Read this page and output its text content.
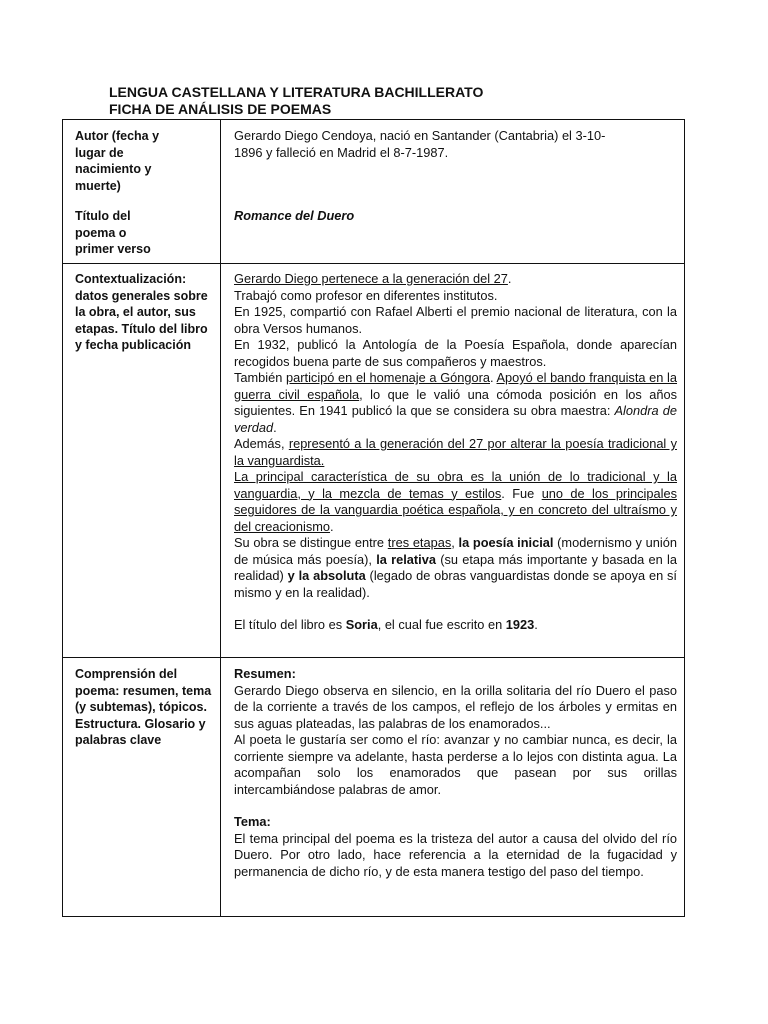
LENGUA CASTELLANA Y LITERATURA BACHILLERATO
FICHA DE ANÁLISIS DE POEMAS
Autor (fecha y lugar de nacimiento y muerte)
Título del poema o primer verso
Gerardo Diego Cendoya, nació en Santander (Cantabria) el 3-10-1896 y falleció en Madrid el 8-7-1987.
Romance del Duero
Contextualización: datos generales sobre la obra, el autor, sus etapas. Título del libro y fecha publicación

Gerardo Diego pertenece a la generación del 27.

Trabajó como profesor en diferentes institutos.

En 1925, compartió con Rafael Alberti el premio nacional de literatura, con la obra Versos humanos.

En 1932, publicó la Antología de la Poesía Española, donde aparecían recogidos buena parte de sus compañeros y maestros.

También participó en el homenaje a Góngora. Apoyó el bando franquista en la guerra civil española, lo que le valió una cómoda posición en los años siguientes. En 1941 publicó la que se considera su obra maestra: Alondra de verdad.

Además, representó a la generación del 27 por alterar la poesía tradicional y la vanguardista.

La principal característica de su obra es la unión de lo tradicional y la vanguardia, y la mezcla de temas y estilos. Fue uno de los principales seguidores de la vanguardia poética española, y en concreto del ultraísmo y del creacionismo.

Su obra se distingue entre tres etapas, la poesía inicial (modernismo y unión de música más poesía), la relativa (su etapa más importante y basada en la realidad) y la absoluta (legado de obras vanguardistas donde se apoya en sí mismo y en la realidad).

El título del libro es Soria, el cual fue escrito en 1923.

Comprensión del poema: resumen, tema (y subtemas), tópicos. Estructura. Glosario y palabras clave

Resumen:

Gerardo Diego observa en silencio, en la orilla solitaria del río Duero el paso de la corriente a través de los campos, el reflejo de los árboles y ermitas en sus aguas plateadas, las palabras de los enamorados...

Al poeta le gustaría ser como el río: avanzar y no cambiar nunca, es decir, la corriente siempre va adelante, hasta perderse a lo lejos con distinta agua. La acompañan solo los enamorados que pasean por sus orillas intercambiándose palabras de amor.

Tema:

El tema principal del poema es la tristeza del autor a causa del olvido del río Duero. Por otro lado, hace referencia a la eternidad de la fugacidad y permanencia de dicho río, y de esta manera testigo del paso del tiempo.
